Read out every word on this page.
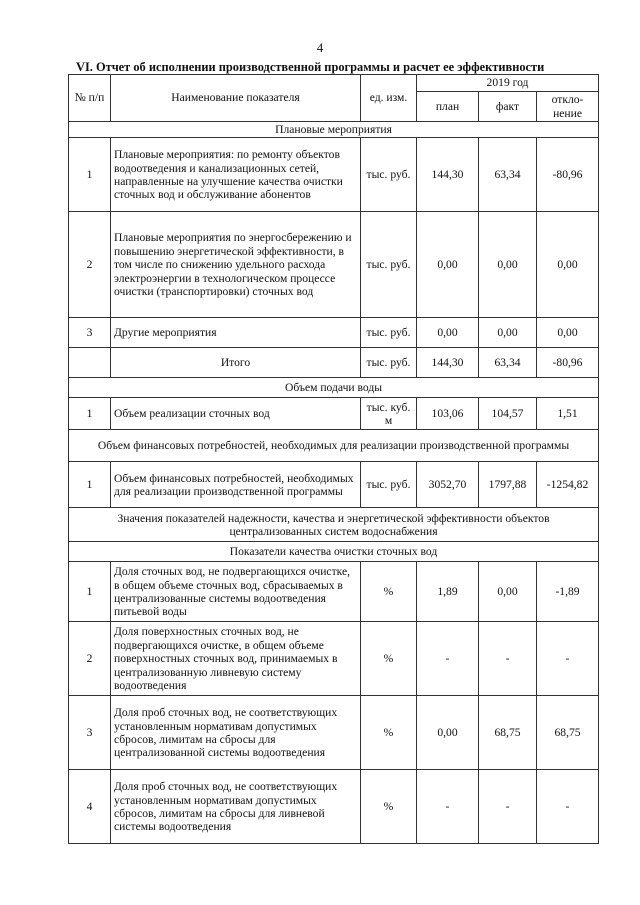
4
VI. Отчет об исполнении производственной программы и расчет ее эффективности
№ п/п	Наименование показателя	ед. изм.	2019 год		
			план	факт	откло-нение
Плановые мероприятия					
1	Плановые мероприятия: по ремонту объектов водоотведения и канализационных сетей, направленные на улучшение качества очистки сточных вод и обслуживание абонентов	тыс. руб.	144,30	63,34	-80,96
2	Плановые мероприятия по энергосбережению и повышению энергетической эффективности, в том числе по снижению удельного расхода электроэнергии в технологическом процессе очистки (транспортировки) сточных вод	тыс. руб.	0,00	0,00	0,00
3	Другие мероприятия	тыс. руб.	0,00	0,00	0,00
	Итого	тыс. руб.	144,30	63,34	-80,96
Объем подачи воды					
1	Объем реализации сточных вод	тыс. куб. м	103,06	104,57	1,51
Объем финансовых потребностей, необходимых для реализации производственной программы					
1	Объем финансовых потребностей, необходимых для реализации производственной программы	тыс. руб.	3052,70	1797,88	-1254,82
Значения показателей надежности, качества и энергетической эффективности объектов централизованных систем водоснабжения					
Показатели качества очистки сточных вод					
1	Доля сточных вод, не подвергающихся очистке, в общем объеме сточных вод, сбрасываемых в централизованные системы водоотведения питьевой воды	%	1,89	0,00	-1,89
2	Доля поверхностных сточных вод, не подвергающихся очистке, в общем объеме поверхностных сточных вод, принимаемых в централизованную ливневую систему водоотведения	%	-	-	-
3	Доля проб сточных вод, не соответствующих установленным нормативам допустимых сбросов, лимитам на сбросы для централизованной системы водоотведения	%	0,00	68,75	68,75
4	Доля проб сточных вод, не соответствующих установленным нормативам допустимых сбросов, лимитам на сбросы для ливневой системы водоотведения	%	-	-	-
